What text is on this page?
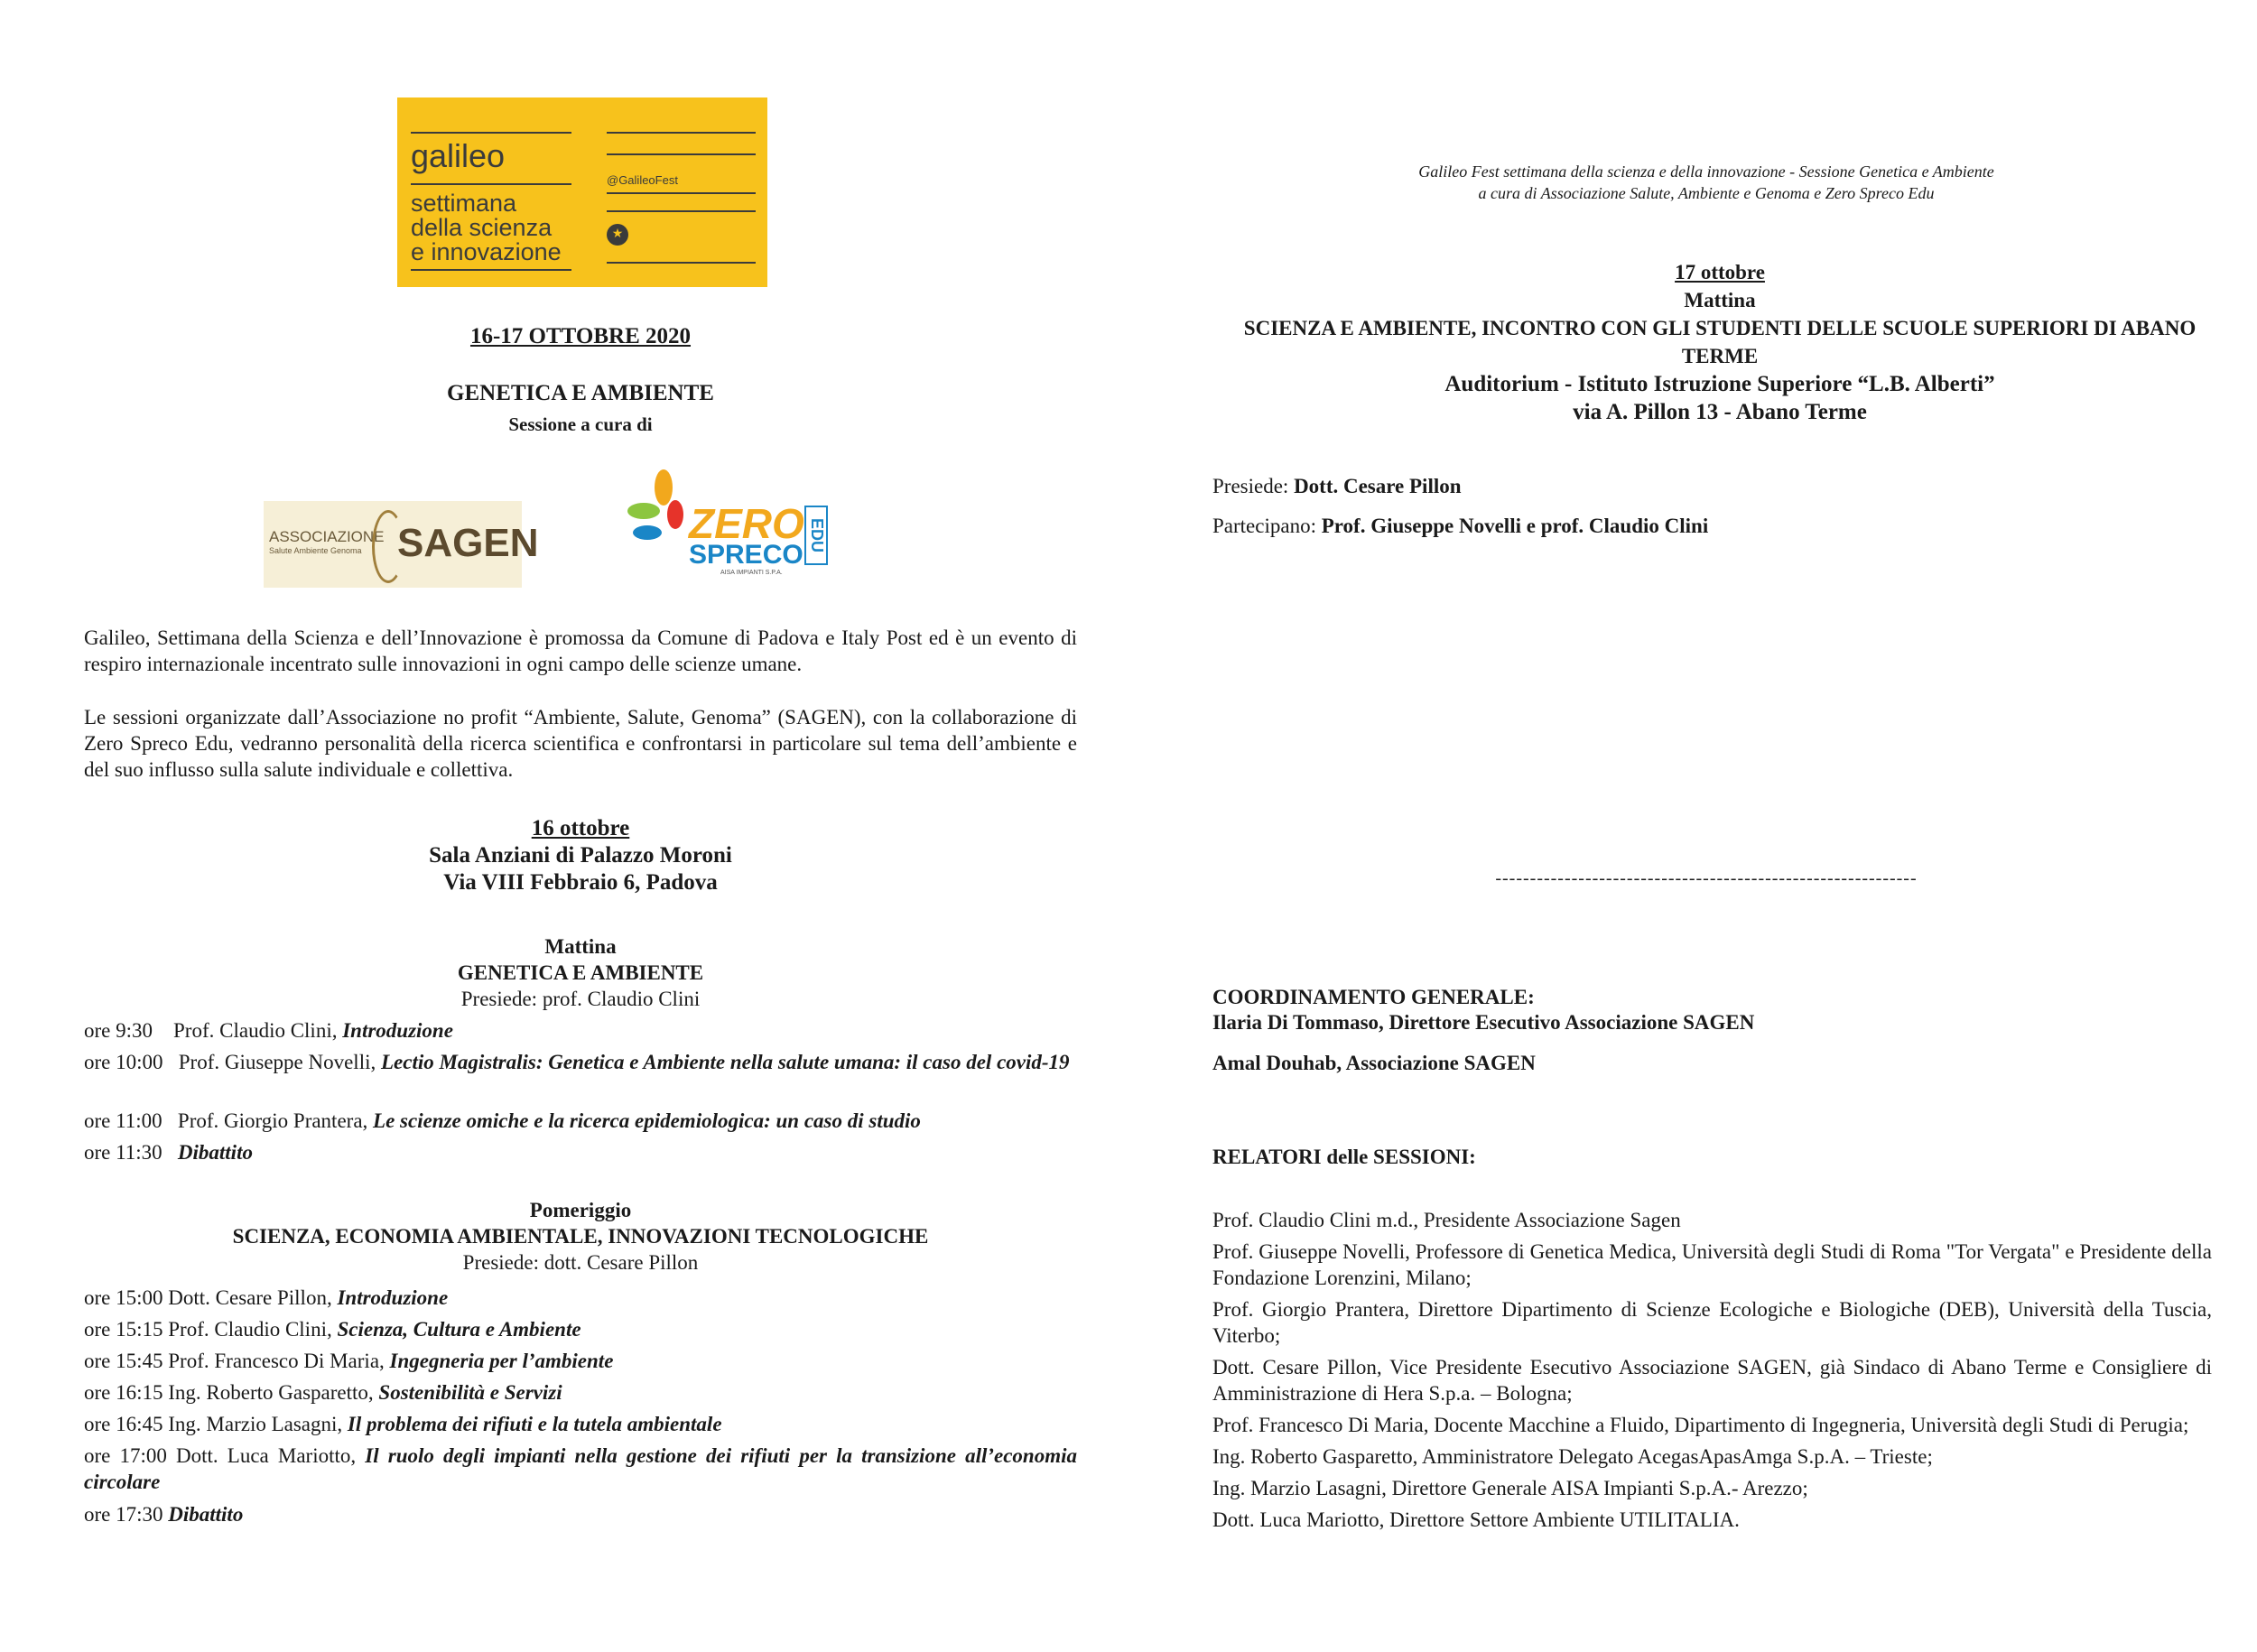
galileo
settimana
della scienza
e innovazione
@GalileoFest
★
16-17 OTTOBRE 2020
GENETICA E AMBIENTE
Sessione a cura di
ASSOCIAZIONE
Salute Ambiente Genoma SAGEN	ZERO
SPRECO
EDU
AISA IMPIANTI S.P.A.
Galileo, Settimana della Scienza e dell’Innovazione è promossa da Comune di Padova e Italy Post ed è un evento di respiro internazionale incentrato sulle innovazioni in ogni campo delle scienze umane.
Le sessioni organizzate dall’Associazione no profit “Ambiente, Salute, Genoma” (SAGEN), con la collaborazione di Zero Spreco Edu, vedranno personalità della ricerca scientifica e confrontarsi in particolare sul tema dell’ambiente e del suo influsso sulla salute individuale e collettiva.
16 ottobre
Sala Anziani di Palazzo Moroni
Via VIII Febbraio 6, Padova
Mattina
GENETICA E AMBIENTE
Presiede: prof. Claudio Clini
ore 9:30 Prof. Claudio Clini, Introduzione
ore 10:00 Prof. Giuseppe Novelli, Lectio Magistralis: Genetica e Ambiente nella salute umana: il caso del covid-19
ore 11:00 Prof. Giorgio Prantera, Le scienze omiche e la ricerca epidemiologica: un caso di studio
ore 11:30 Dibattito
Pomeriggio
SCIENZA, ECONOMIA AMBIENTALE, INNOVAZIONI TECNOLOGICHE
Presiede: dott. Cesare Pillon
ore 15:00 Dott. Cesare Pillon, Introduzione
ore 15:15 Prof. Claudio Clini, Scienza, Cultura e Ambiente
ore 15:45 Prof. Francesco Di Maria, Ingegneria per l’ambiente
ore 16:15 Ing. Roberto Gasparetto, Sostenibilità e Servizi
ore 16:45 Ing. Marzio Lasagni, Il problema dei rifiuti e la tutela ambientale
ore 17:00 Dott. Luca Mariotto, Il ruolo degli impianti nella gestione dei rifiuti per la transizione all’economia circolare
ore 17:30 Dibattito
Galileo Fest settimana della scienza e della innovazione - Sessione Genetica e Ambiente
a cura di Associazione Salute, Ambiente e Genoma e Zero Spreco Edu
17 ottobre
Mattina
SCIENZA E AMBIENTE, INCONTRO CON GLI STUDENTI DELLE SCUOLE SUPERIORI DI ABANO TERME
Auditorium - Istituto Istruzione Superiore “L.B. Alberti”
via A. Pillon 13 - Abano Terme
Presiede: Dott. Cesare Pillon
Partecipano: Prof. Giuseppe Novelli e prof. Claudio Clini
-------------------------------------------------------------
COORDINAMENTO GENERALE:
Ilaria Di Tommaso, Direttore Esecutivo Associazione SAGEN
Amal Douhab, Associazione SAGEN
RELATORI delle SESSIONI:
Prof. Claudio Clini m.d., Presidente Associazione Sagen
Prof. Giuseppe Novelli, Professore di Genetica Medica, Università degli Studi di Roma "Tor Vergata" e Presidente della Fondazione Lorenzini, Milano;
Prof. Giorgio Prantera, Direttore Dipartimento di Scienze Ecologiche e Biologiche (DEB), Università della Tuscia, Viterbo;
Dott. Cesare Pillon, Vice Presidente Esecutivo Associazione SAGEN, già Sindaco di Abano Terme e Consigliere di Amministrazione di Hera S.p.a. – Bologna;
Prof. Francesco Di Maria, Docente Macchine a Fluido, Dipartimento di Ingegneria, Università degli Studi di Perugia;
Ing. Roberto Gasparetto, Amministratore Delegato AcegasApasAmga S.p.A. – Trieste;
Ing. Marzio Lasagni, Direttore Generale AISA Impianti S.p.A.- Arezzo;
Dott. Luca Mariotto, Direttore Settore Ambiente UTILITALIA.
